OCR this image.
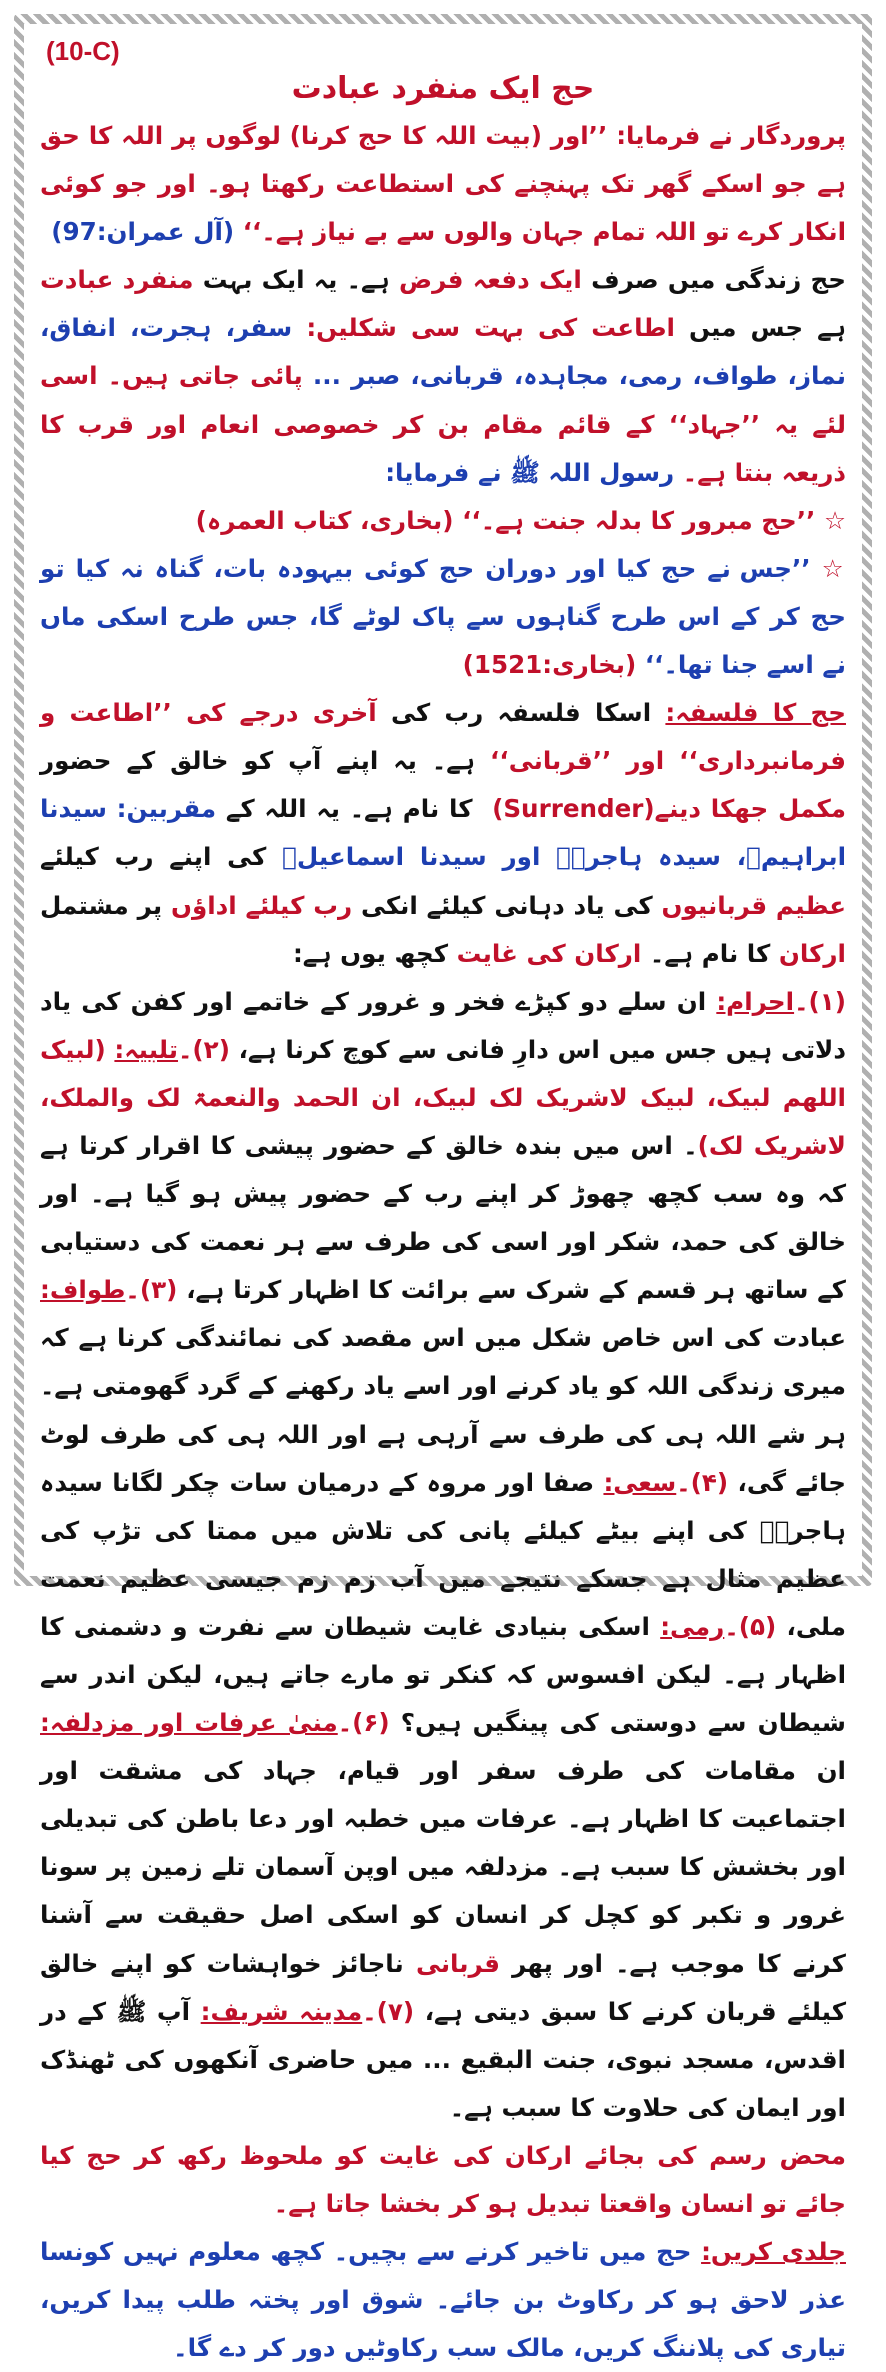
(10-C)
حج ایک منفرد عبادت

پروردگار نے فرمایا: ’’اور (بیت اللہ کا حج کرنا) لوگوں پر اللہ کا حق ہے جو اسکے گھر تک پہنچنے کی استطاعت رکھتا ہو۔ اور جو کوئی انکار کرے تو اللہ تمام جہان والوں سے بے نیاز ہے۔‘‘ (آل عمران:97)

حج زندگی میں صرف ایک دفعہ فرض ہے۔ یہ ایک بہت منفرد عبادت ہے جس میں اطاعت کی بہت سی شکلیں: سفر، ہجرت، انفاق، نماز، طواف، رمی، مجاہدہ، قربانی، صبر ... پائی جاتی ہیں۔ اسی لئے یہ ’’جہاد‘‘ کے قائم مقام بن کر خصوصی انعام اور قرب کا ذریعہ بنتا ہے۔ رسول اللہ ﷺ نے فرمایا:

☆ ’’حج مبرور کا بدلہ جنت ہے۔‘‘ (بخاری، کتاب العمرہ)

☆ ’’جس نے حج کیا اور دوران حج کوئی بیہودہ بات، گناہ نہ کیا تو حج کر کے اس طرح گناہوں سے پاک لوٹے گا، جس طرح اسکی ماں نے اسے جنا تھا۔‘‘ (بخاری:1521)

حج کا فلسفہ: اسکا فلسفہ رب کی آخری درجے کی ’’اطاعت و فرمانبرداری‘‘ اور ’’قربانی‘‘ ہے۔ یہ اپنے آپ کو خالق کے حضور مکمل جھکا دینے (Surrender) کا نام ہے۔ یہ اللہ کے مقربین: سیدنا ابراہیمؑ، سیدہ ہاجرہؑ اور سیدنا اسماعیلؑ کی اپنے رب کیلئے عظیم قربانیوں کی یاد دہانی کیلئے انکی رب کیلئے اداؤں پر مشتمل ارکان کا نام ہے۔ ارکان کی غایت کچھ یوں ہے:

(۱)۔احرام: ان سلے دو کپڑے فخر و غرور کے خاتمے اور کفن کی یاد دلاتی ہیں جس میں اس دارِ فانی سے کوچ کرنا ہے، (۲)۔تلبیہ: (لبیک اللھم لبیک، لبیک لاشریک لک لبیک، ان الحمد والنعمۃ لک والملک، لاشریک لک)۔ اس میں بندہ خالق کے حضور پیشی کا اقرار کرتا ہے کہ وہ سب کچھ چھوڑ کر اپنے رب کے حضور پیش ہو گیا ہے۔ اور خالق کی حمد، شکر اور اسی کی طرف سے ہر نعمت کی دستیابی کے ساتھ ہر قسم کے شرک سے برائت کا اظہار کرتا ہے، (۳)۔طواف: عبادت کی اس خاص شکل میں اس مقصد کی نمائندگی کرنا ہے کہ میری زندگی اللہ کو یاد کرنے اور اسے یاد رکھنے کے گرد گھومتی ہے۔ ہر شے اللہ ہی کی طرف سے آرہی ہے اور اللہ ہی کی طرف لوٹ جائے گی، (۴)۔سعی: صفا اور مروہ کے درمیان سات چکر لگانا سیدہ ہاجرہؑ کی اپنے بیٹے کیلئے پانی کی تلاش میں ممتا کی تڑپ کی عظیم مثال ہے جسکے نتیجے میں آب زم زم جیسی عظیم نعمت ملی، (۵)۔رمی: اسکی بنیادی غایت شیطان سے نفرت و دشمنی کا اظہار ہے۔ لیکن افسوس کہ کنکر تو مارے جاتے ہیں، لیکن اندر سے شیطان سے دوستی کی پینگیں ہیں؟ (۶)۔منیٰ عرفات اور مزدلفہ: ان مقامات کی طرف سفر اور قیام، جہاد کی مشقت اور اجتماعیت کا اظہار ہے۔ عرفات میں خطبہ اور دعا باطن کی تبدیلی اور بخشش کا سبب ہے۔ مزدلفہ میں اوپن آسمان تلے زمین پر سونا غرور و تکبر کو کچل کر انسان کو اسکی اصل حقیقت سے آشنا کرنے کا موجب ہے۔ اور پھر قربانی ناجائز خواہشات کو اپنے خالق کیلئے قربان کرنے کا سبق دیتی ہے، (۷)۔مدینہ شریف: آپ ﷺ کے در اقدس، مسجد نبوی، جنت البقیع ... میں حاضری آنکھوں کی ٹھنڈک اور ایمان کی حلاوت کا سبب ہے۔

محض رسم کی بجائے ارکان کی غایت کو ملحوظ رکھ کر حج کیا جائے تو انسان واقعتا تبدیل ہو کر بخشا جاتا ہے۔

جلدی کریں: حج میں تاخیر کرنے سے بچیں۔ کچھ معلوم نہیں کونسا عذر لاحق ہو کر رکاوٹ بن جائے۔ شوق اور پختہ طلب پیدا کریں، تیاری کی پلاننگ کریں، مالک سب رکاوٹیں دور کر دے گا۔
